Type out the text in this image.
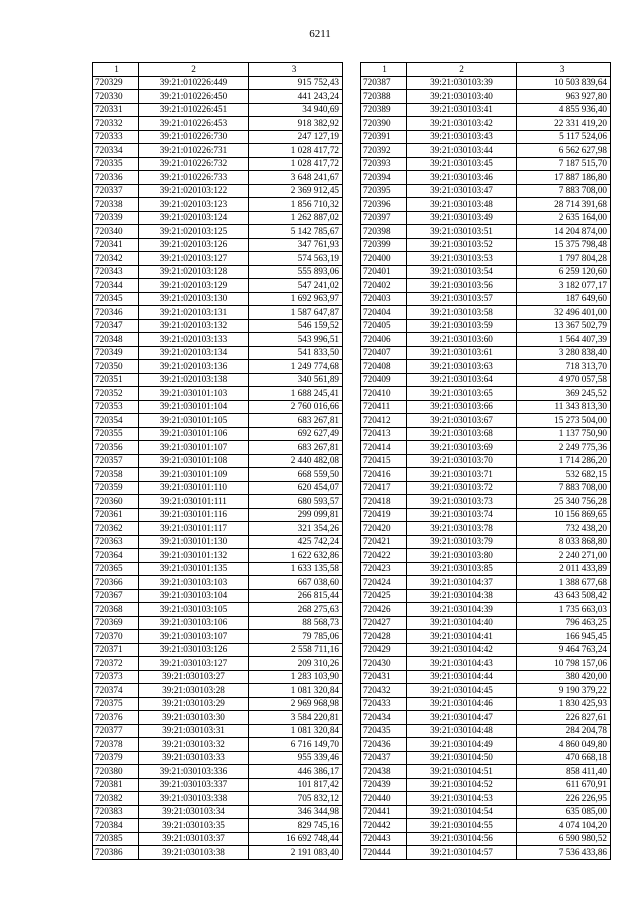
6211
1	2	3
720329	39:21:010226:449	915 752,43
720330	39:21:010226:450	441 243,24
720331	39:21:010226:451	34 940,69
720332	39:21:010226:453	918 382,92
720333	39:21:010226:730	247 127,19
720334	39:21:010226:731	1 028 417,72
720335	39:21:010226:732	1 028 417,72
720336	39:21:010226:733	3 648 241,67
720337	39:21:020103:122	2 369 912,45
720338	39:21:020103:123	1 856 710,32
720339	39:21:020103:124	1 262 887,02
720340	39:21:020103:125	5 142 785,67
720341	39:21:020103:126	347 761,93
720342	39:21:020103:127	574 563,19
720343	39:21:020103:128	555 893,06
720344	39:21:020103:129	547 241,02
720345	39:21:020103:130	1 692 963,97
720346	39:21:020103:131	1 587 647,87
720347	39:21:020103:132	546 159,52
720348	39:21:020103:133	543 996,51
720349	39:21:020103:134	541 833,50
720350	39:21:020103:136	1 249 774,68
720351	39:21:020103:138	340 561,89
720352	39:21:030101:103	1 688 245,41
720353	39:21:030101:104	2 760 016,66
720354	39:21:030101:105	683 267,81
720355	39:21:030101:106	692 627,49
720356	39:21:030101:107	683 267,81
720357	39:21:030101:108	2 440 482,08
720358	39:21:030101:109	668 559,50
720359	39:21:030101:110	620 454,07
720360	39:21:030101:111	680 593,57
720361	39:21:030101:116	299 099,81
720362	39:21:030101:117	321 354,26
720363	39:21:030101:130	425 742,24
720364	39:21:030101:132	1 622 632,86
720365	39:21:030101:135	1 633 135,58
720366	39:21:030103:103	667 038,60
720367	39:21:030103:104	266 815,44
720368	39:21:030103:105	268 275,63
720369	39:21:030103:106	88 568,73
720370	39:21:030103:107	79 785,06
720371	39:21:030103:126	2 558 711,16
720372	39:21:030103:127	209 310,26
720373	39:21:030103:27	1 283 103,90
720374	39:21:030103:28	1 081 320,84
720375	39:21:030103:29	2 969 968,98
720376	39:21:030103:30	3 584 220,81
720377	39:21:030103:31	1 081 320,84
720378	39:21:030103:32	6 716 149,70
720379	39:21:030103:33	955 339,46
720380	39:21:030103:336	446 386,17
720381	39:21:030103:337	101 817,42
720382	39:21:030103:338	705 832,12
720383	39:21:030103:34	346 344,98
720384	39:21:030103:35	829 745,16
720385	39:21:030103:37	16 692 748,44
720386	39:21:030103:38	2 191 083,40
1	2	3
720387	39:21:030103:39	10 503 839,64
720388	39:21:030103:40	963 927,80
720389	39:21:030103:41	4 855 936,40
720390	39:21:030103:42	22 331 419,20
720391	39:21:030103:43	5 117 524,06
720392	39:21:030103:44	6 562 627,98
720393	39:21:030103:45	7 187 515,70
720394	39:21:030103:46	17 887 186,80
720395	39:21:030103:47	7 883 708,00
720396	39:21:030103:48	28 714 391,68
720397	39:21:030103:49	2 635 164,00
720398	39:21:030103:51	14 204 874,00
720399	39:21:030103:52	15 375 798,48
720400	39:21:030103:53	1 797 804,28
720401	39:21:030103:54	6 259 120,60
720402	39:21:030103:56	3 182 077,17
720403	39:21:030103:57	187 649,60
720404	39:21:030103:58	32 496 401,00
720405	39:21:030103:59	13 367 502,79
720406	39:21:030103:60	1 564 407,39
720407	39:21:030103:61	3 280 838,40
720408	39:21:030103:63	718 313,70
720409	39:21:030103:64	4 970 057,58
720410	39:21:030103:65	369 245,52
720411	39:21:030103:66	11 343 813,30
720412	39:21:030103:67	15 273 504,00
720413	39:21:030103:68	1 137 750,90
720414	39:21:030103:69	2 249 775,36
720415	39:21:030103:70	1 714 286,20
720416	39:21:030103:71	532 682,15
720417	39:21:030103:72	7 883 708,00
720418	39:21:030103:73	25 340 756,28
720419	39:21:030103:74	10 156 869,65
720420	39:21:030103:78	732 438,20
720421	39:21:030103:79	8 033 868,80
720422	39:21:030103:80	2 240 271,00
720423	39:21:030103:85	2 011 433,89
720424	39:21:030104:37	1 388 677,68
720425	39:21:030104:38	43 643 508,42
720426	39:21:030104:39	1 735 663,03
720427	39:21:030104:40	796 463,25
720428	39:21:030104:41	166 945,45
720429	39:21:030104:42	9 464 763,24
720430	39:21:030104:43	10 798 157,06
720431	39:21:030104:44	380 420,00
720432	39:21:030104:45	9 190 379,22
720433	39:21:030104:46	1 830 425,93
720434	39:21:030104:47	226 827,61
720435	39:21:030104:48	284 204,78
720436	39:21:030104:49	4 860 049,80
720437	39:21:030104:50	470 668,18
720438	39:21:030104:51	858 411,40
720439	39:21:030104:52	611 670,91
720440	39:21:030104:53	226 226,95
720441	39:21:030104:54	635 085,00
720442	39:21:030104:55	4 074 104,20
720443	39:21:030104:56	6 590 980,52
720444	39:21:030104:57	7 536 433,86
